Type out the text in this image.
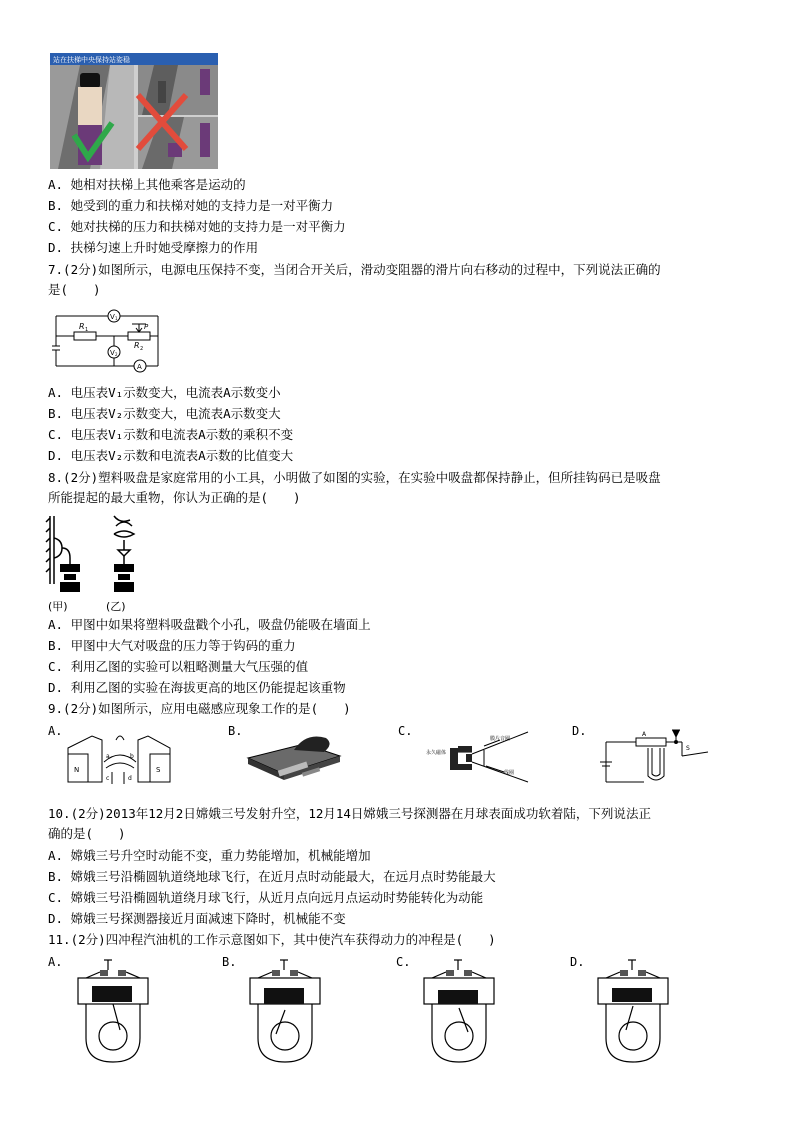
站在扶梯中央保持站姿稳
A. 她相对扶梯上其他乘客是运动的
B. 她受到的重力和扶梯对她的支持力是一对平衡力
C. 她对扶梯的压力和扶梯对她的支持力是一对平衡力
D. 扶梯匀速上升时她受摩擦力的作用
7.(2分)如图所示，电源电压保持不变，当闭合开关后，滑动变阻器的滑片向右移动的过程中，下列说法正确的
是(　　)
R 1
R 2
P
V 1
V 2
A
A. 电压表V₁示数变大，电流表A示数变小
B. 电压表V₂示数变大，电流表A示数变大
C. 电压表V₁示数和电流表A示数的乘积不变
D. 电压表V₂示数和电流表A示数的比值变大
8.(2分)塑料吸盘是家庭常用的小工具，小明做了如图的实验，在实验中吸盘都保持静止，但所挂钩码已是吸盘
所能提起的最大重物，你认为正确的是(　　)
(甲)	(乙)
A. 甲图中如果将塑料吸盘戳个小孔，吸盘仍能吸在墙面上
B. 甲图中大气对吸盘的压力等于钩码的重力
C. 利用乙图的实验可以粗略测量大气压强的值
D. 利用乙图的实验在海拔更高的地区仍能提起该重物
9.(2分)如图所示，应用电磁感应现象工作的是(　　)
A.	B.	C.	D.
N	S
a	b
c	d
永久磁体
膜片音圈
线圈
A
S
10.(2分)2013年12月2日嫦娥三号发射升空，12月14日嫦娥三号探测器在月球表面成功软着陆，下列说法正
确的是(　　)
A. 嫦娥三号升空时动能不变，重力势能增加，机械能增加
B. 嫦娥三号沿椭圆轨道绕地球飞行，在近月点时动能最大，在远月点时势能最大
C. 嫦娥三号沿椭圆轨道绕月球飞行，从近月点向远月点运动时势能转化为动能
D. 嫦娥三号探测器接近月面减速下降时，机械能不变
11.(2分)四冲程汽油机的工作示意图如下，其中使汽车获得动力的冲程是(　　)
A.	B.	C.	D.
